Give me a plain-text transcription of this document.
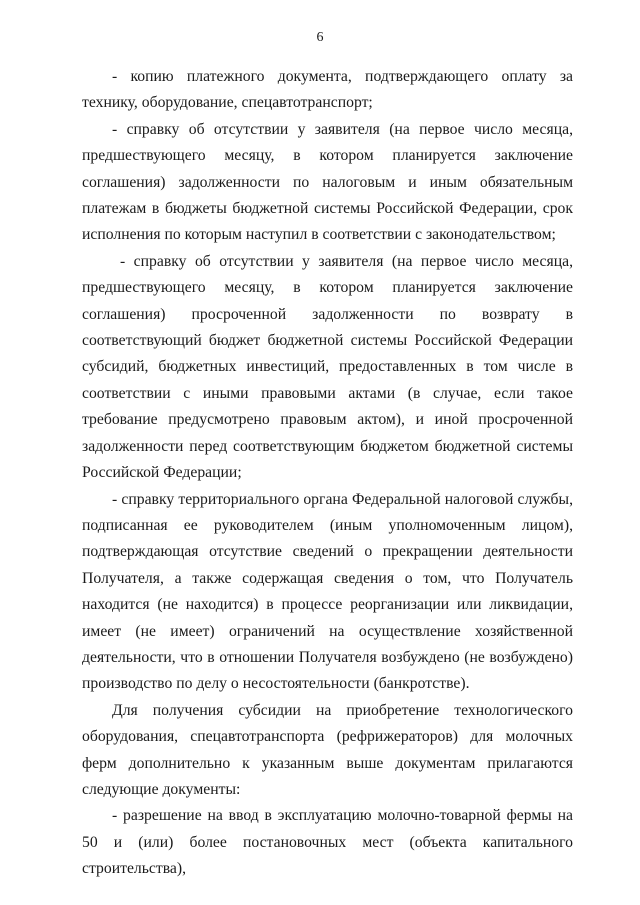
6

- копию платежного документа, подтверждающего оплату за технику, оборудование, спецавтотранспорт;

- справку об отсутствии у заявителя (на первое число месяца, предшествующего месяцу, в котором планируется заключение соглашения) задолженности по налоговым и иным обязательным платежам в бюджеты бюджетной системы Российской Федерации, срок исполнения по которым наступил в соответствии с законодательством;

- справку об отсутствии у заявителя (на первое число месяца, предшествующего месяцу, в котором планируется заключение соглашения) просроченной задолженности по возврату в соответствующий бюджет бюджетной системы Российской Федерации субсидий, бюджетных инвестиций, предоставленных в том числе в соответствии с иными правовыми актами (в случае, если такое требование предусмотрено правовым актом), и иной просроченной задолженности перед соответствующим бюджетом бюджетной системы Российской Федерации;

- справку территориального органа Федеральной налоговой службы, подписанная ее руководителем (иным уполномоченным лицом), подтверждающая отсутствие сведений о прекращении деятельности Получателя, а также содержащая сведения о том, что Получатель находится (не находится) в процессе реорганизации или ликвидации, имеет (не имеет) ограничений на осуществление хозяйственной деятельности, что в отношении Получателя возбуждено (не возбуждено) производство по делу о несостоятельности (банкротстве).

Для получения субсидии на приобретение технологического оборудования, спецавтотранспорта (рефрижераторов) для молочных ферм дополнительно к указанным выше документам прилагаются следующие документы:

- разрешение на ввод в эксплуатацию молочно-товарной фермы на 50 и (или) более постановочных мест (объекта капитального строительства),
